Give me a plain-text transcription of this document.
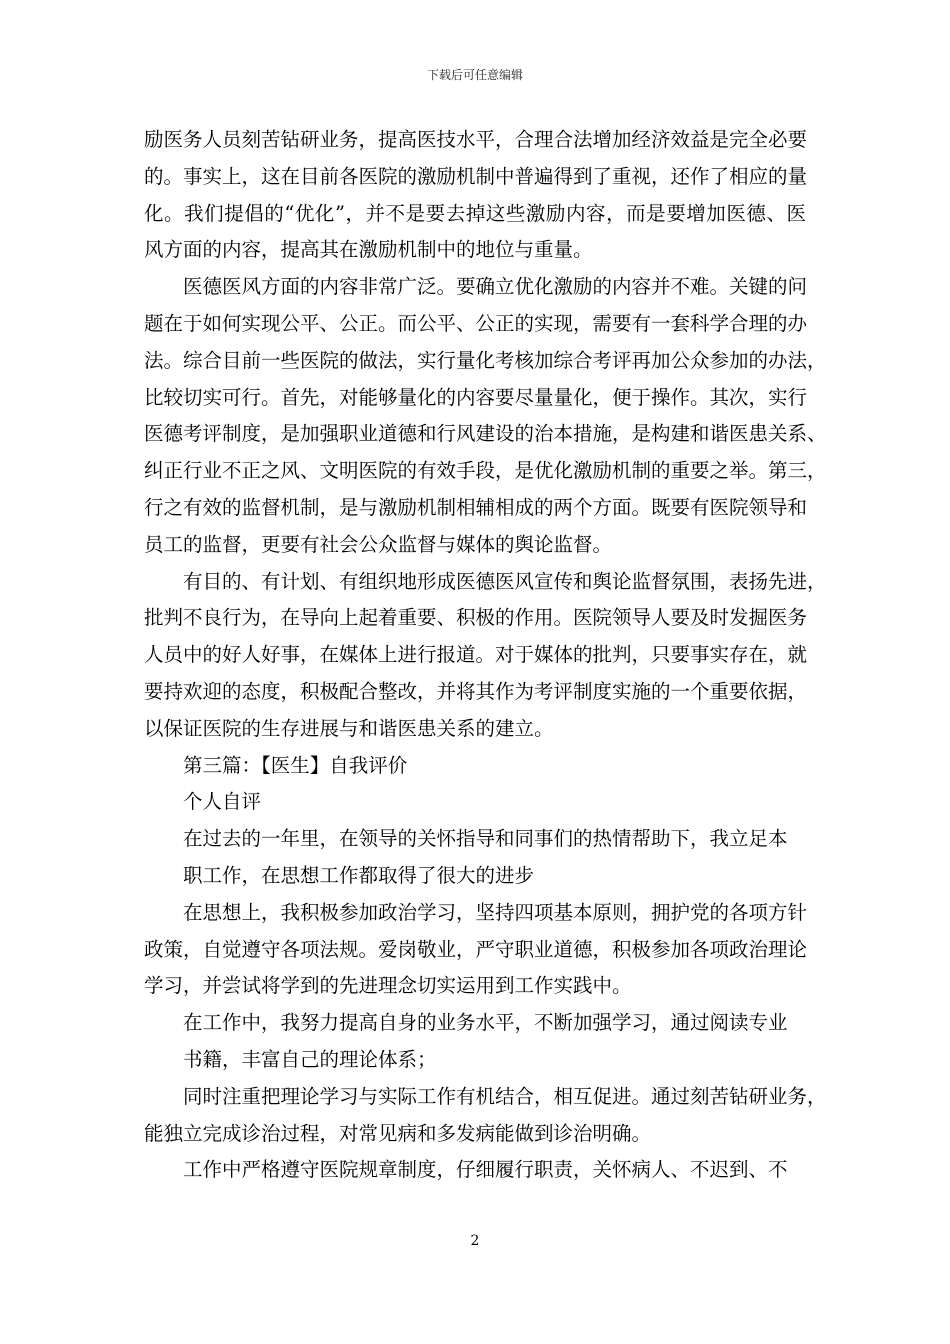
下载后可任意编辑
励医务人员刻苦钻研业务，提高医技水平，合理合法增加经济效益是完全必要
的。事实上，这在目前各医院的激励机制中普遍得到了重视，还作了相应的量
化。我们提倡的“优化”，并不是要去掉这些激励内容，而是要增加医德、医
风方面的内容，提高其在激励机制中的地位与重量。
医德医风方面的内容非常广泛。要确立优化激励的内容并不难。关键的问
题在于如何实现公平、公正。而公平、公正的实现，需要有一套科学合理的办
法。综合目前一些医院的做法，实行量化考核加综合考评再加公众参加的办法，
比较切实可行。首先，对能够量化的内容要尽量量化，便于操作。其次，实行
医德考评制度，是加强职业道德和行风建设的治本措施，是构建和谐医患关系、
纠正行业不正之风、文明医院的有效手段，是优化激励机制的重要之举。第三，
行之有效的监督机制，是与激励机制相辅相成的两个方面。既要有医院领导和
员工的监督，更要有社会公众监督与媒体的舆论监督。
有目的、有计划、有组织地形成医德医风宣传和舆论监督氛围，表扬先进，
批判不良行为，在导向上起着重要、积极的作用。医院领导人要及时发掘医务
人员中的好人好事，在媒体上进行报道。对于媒体的批判，只要事实存在，就
要持欢迎的态度，积极配合整改，并将其作为考评制度实施的一个重要依据，
以保证医院的生存进展与和谐医患关系的建立。
第三篇：【医生】自我评价
个人自评
在过去的一年里，在领导的关怀指导和同事们的热情帮助下，我立足本
职工作，在思想工作都取得了很大的进步
在思想上，我积极参加政治学习，坚持四项基本原则，拥护党的各项方针
政策，自觉遵守各项法规。爱岗敬业，严守职业道德，积极参加各项政治理论
学习，并尝试将学到的先进理念切实运用到工作实践中。
在工作中，我努力提高自身的业务水平，不断加强学习，通过阅读专业
书籍，丰富自己的理论体系；
同时注重把理论学习与实际工作有机结合，相互促进。通过刻苦钻研业务，
能独立完成诊治过程，对常见病和多发病能做到诊治明确。
工作中严格遵守医院规章制度，仔细履行职责，关怀病人、不迟到、不
2
